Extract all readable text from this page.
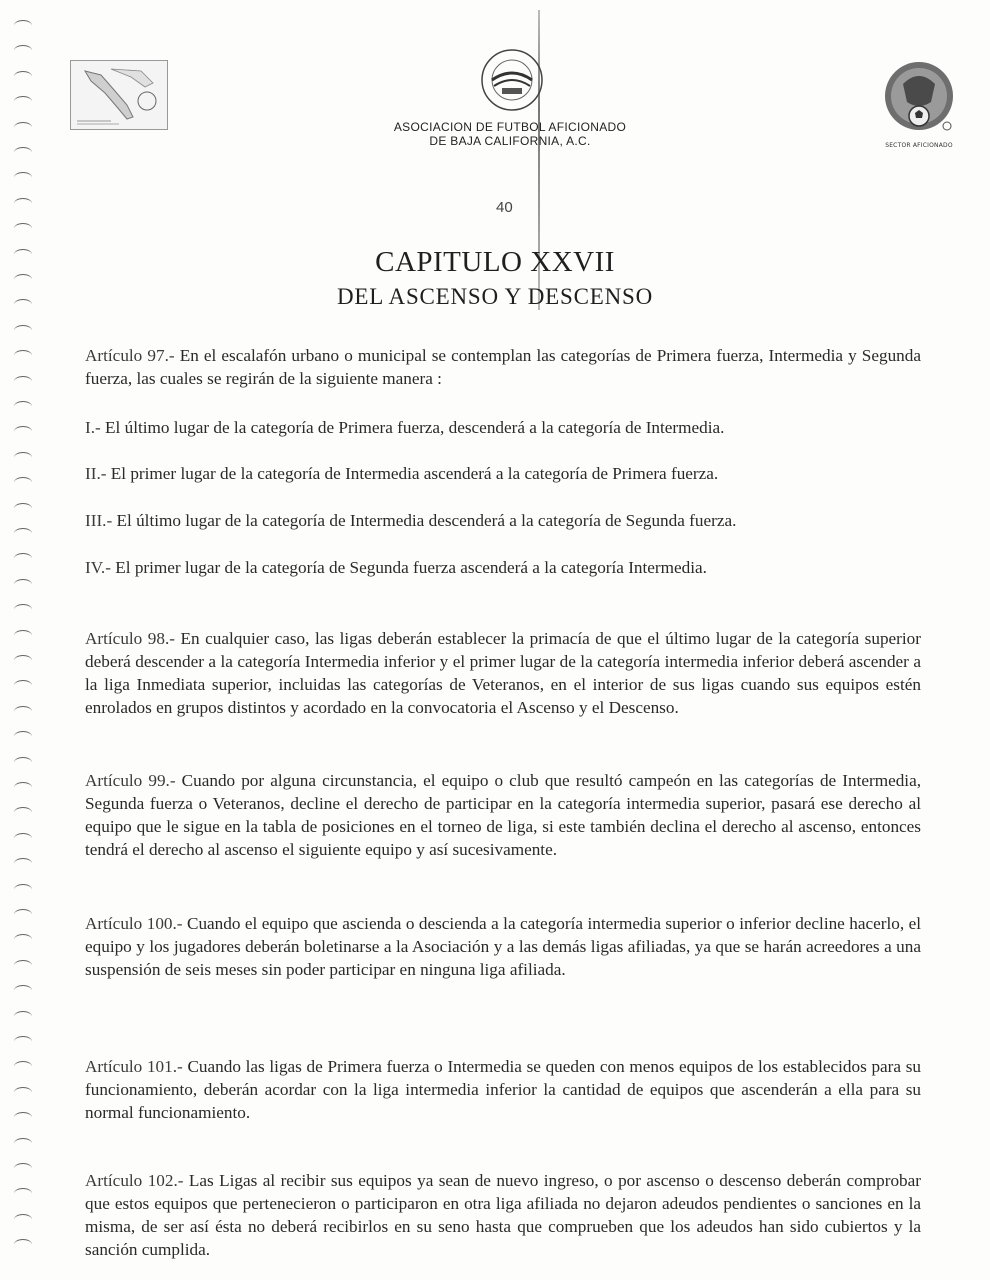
SECTOR AFICIONADO
ASOCIACION DE FUTBOL AFICIONADO
DE BAJA CALIFORNIA, A.C.
40
CAPITULO XXVII
DEL ASCENSO Y DESCENSO
Artículo 97.- En el escalafón urbano o municipal se contemplan las categorías de Primera fuerza, Intermedia y Segunda fuerza, las cuales se regirán de la siguiente manera :
I.- El último lugar de la categoría de Primera fuerza, descenderá a la categoría de Intermedia.
II.- El primer lugar de la categoría de Intermedia ascenderá a la categoría de Primera fuerza.
III.- El último lugar de la categoría de Intermedia descenderá a la categoría de Segunda fuerza.
IV.- El primer lugar de la categoría de Segunda fuerza ascenderá a la categoría Intermedia.
Artículo 98.- En cualquier caso, las ligas deberán establecer la primacía de que el último lugar de la categoría superior deberá descender a la categoría Intermedia inferior y el primer lugar de la categoría intermedia inferior deberá ascender a la liga Inmediata superior, incluidas las categorías de Veteranos, en el interior de sus ligas cuando sus equipos estén enrolados en grupos distintos y acordado en la convocatoria el Ascenso y el Descenso.
Artículo 99.- Cuando por alguna circunstancia, el equipo o club que resultó campeón en las categorías de Intermedia, Segunda fuerza o Veteranos, decline el derecho de participar en la categoría intermedia superior, pasará ese derecho al equipo que le sigue en la tabla de posiciones en el torneo de liga, si este también declina el derecho al ascenso, entonces tendrá el derecho al ascenso el siguiente equipo y así sucesivamente.
Artículo 100.- Cuando el equipo que ascienda o descienda a la categoría intermedia superior o inferior decline hacerlo, el equipo y los jugadores deberán boletinarse a la Asociación y a las demás ligas afiliadas, ya que se harán acreedores a una suspensión de seis meses sin poder participar en ninguna liga afiliada.
Artículo 101.- Cuando las ligas de Primera fuerza o Intermedia se queden con menos equipos de los establecidos para su funcionamiento, deberán acordar con la liga intermedia inferior la cantidad de equipos que ascenderán a ella para su normal funcionamiento.
Artículo 102.- Las Ligas al recibir sus equipos ya sean de nuevo ingreso, o por ascenso o descenso deberán comprobar que estos equipos que pertenecieron o participaron en otra liga afiliada no dejaron adeudos pendientes o sanciones en la misma, de ser así ésta no deberá recibirlos en su seno hasta que comprueben que los adeudos han sido cubiertos y la sanción cumplida.
